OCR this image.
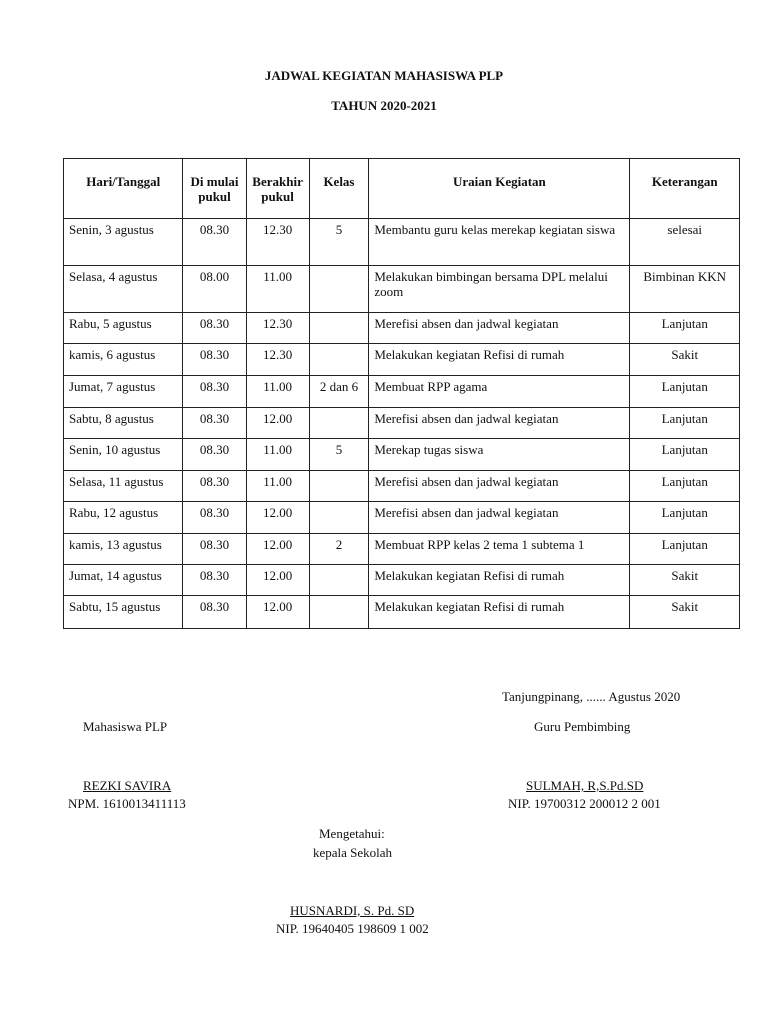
JADWAL KEGIATAN MAHASISWA PLP
TAHUN 2020-2021
Hari/Tanggal	Di mulai pukul	Berakhir pukul	Kelas	Uraian Kegiatan	Keterangan
Senin, 3 agustus	08.30	12.30	5	Membantu guru kelas merekap kegiatan siswa	selesai
Selasa, 4 agustus	08.00	11.00		Melakukan bimbingan bersama DPL melalui zoom	Bimbinan KKN
Rabu, 5 agustus	08.30	12.30		Merefisi absen dan jadwal kegiatan	Lanjutan
kamis, 6 agustus	08.30	12.30		Melakukan kegiatan Refisi di rumah	Sakit
Jumat, 7 agustus	08.30	11.00	2 dan 6	Membuat RPP agama	Lanjutan
Sabtu, 8 agustus	08.30	12.00		Merefisi absen dan jadwal kegiatan	Lanjutan
Senin, 10 agustus	08.30	11.00	5	Merekap tugas siswa	Lanjutan
Selasa, 11 agustus	08.30	11.00		Merefisi absen dan jadwal kegiatan	Lanjutan
Rabu, 12 agustus	08.30	12.00		Merefisi absen dan jadwal kegiatan	Lanjutan
kamis, 13 agustus	08.30	12.00	2	Membuat RPP kelas 2 tema 1 subtema 1	Lanjutan
Jumat, 14 agustus	08.30	12.00		Melakukan kegiatan Refisi di rumah	Sakit
Sabtu, 15 agustus	08.30	12.00		Melakukan kegiatan Refisi di rumah	Sakit
Tanjungpinang, ...... Agustus 2020
Mahasiswa PLP	Guru Pembimbing
REZKI SAVIRA
NPM. 1610013411113
SULMAH, R,S.Pd.SD
NIP. 19700312 200012 2 001
Mengetahui:
kepala Sekolah
HUSNARDI, S. Pd. SD
NIP. 19640405 198609 1 002
